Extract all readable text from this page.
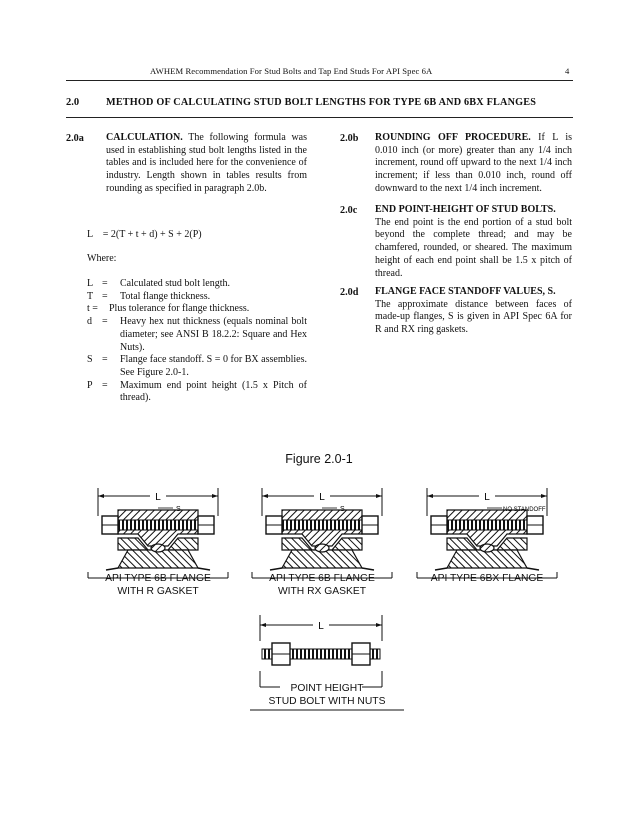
AWHEM Recommendation For Stud Bolts and Tap End Studs For API Spec 6A	4
2.0	METHOD OF CALCULATING STUD BOLT LENGTHS FOR TYPE 6B AND 6BX FLANGES
2.0a CALCULATION. The following formula was used in establishing stud bolt lengths listed in the tables and is included here for the convenience of industry. Length shown in tables results from rounding as specified in paragraph 2.0b.
L    = 2(T + t + d) + S + 2(P)
Where:
L =	Calculated stud bolt length.
T =	Total flange thickness.
t =	Plus tolerance for flange thickness.
d	=	Heavy hex nut thickness (equals nominal bolt diameter; see ANSI B 18.2.2: Square and Hex Nuts).
S =	Flange face standoff. S = 0 for BX assemblies. See Figure 2.0-1.
P =	Maximum end point height (1.5 x Pitch of thread).
2.0b ROUNDING OFF PROCEDURE. If L is 0.010 inch (or more) greater than any 1/4 inch increment, round off upward to the next 1/4 inch increment; if less than 0.010 inch, round off downward to the next 1/4 inch increment.
2.0c END POINT-HEIGHT OF STUD BOLTS.
The end point is the end portion of a stud bolt beyond the complete thread; and may be chamfered, rounded, or sheared. The maximum height of each end point shall be 1.5 x pitch of thread.
2.0d FLANGE FACE STANDOFF VALUES, S.
The approximate distance between faces of made-up flanges, S is given in API Spec 6A for R and RX ring gaskets.
Figure 2.0-1
L
S
L
S
L
NO STANDOFF
L
API TYPE 6B FLANGE
WITH R GASKET
API TYPE 6B FLANGE
WITH RX GASKET
API TYPE 6BX FLANGE
POINT HEIGHT
STUD BOLT WITH NUTS
